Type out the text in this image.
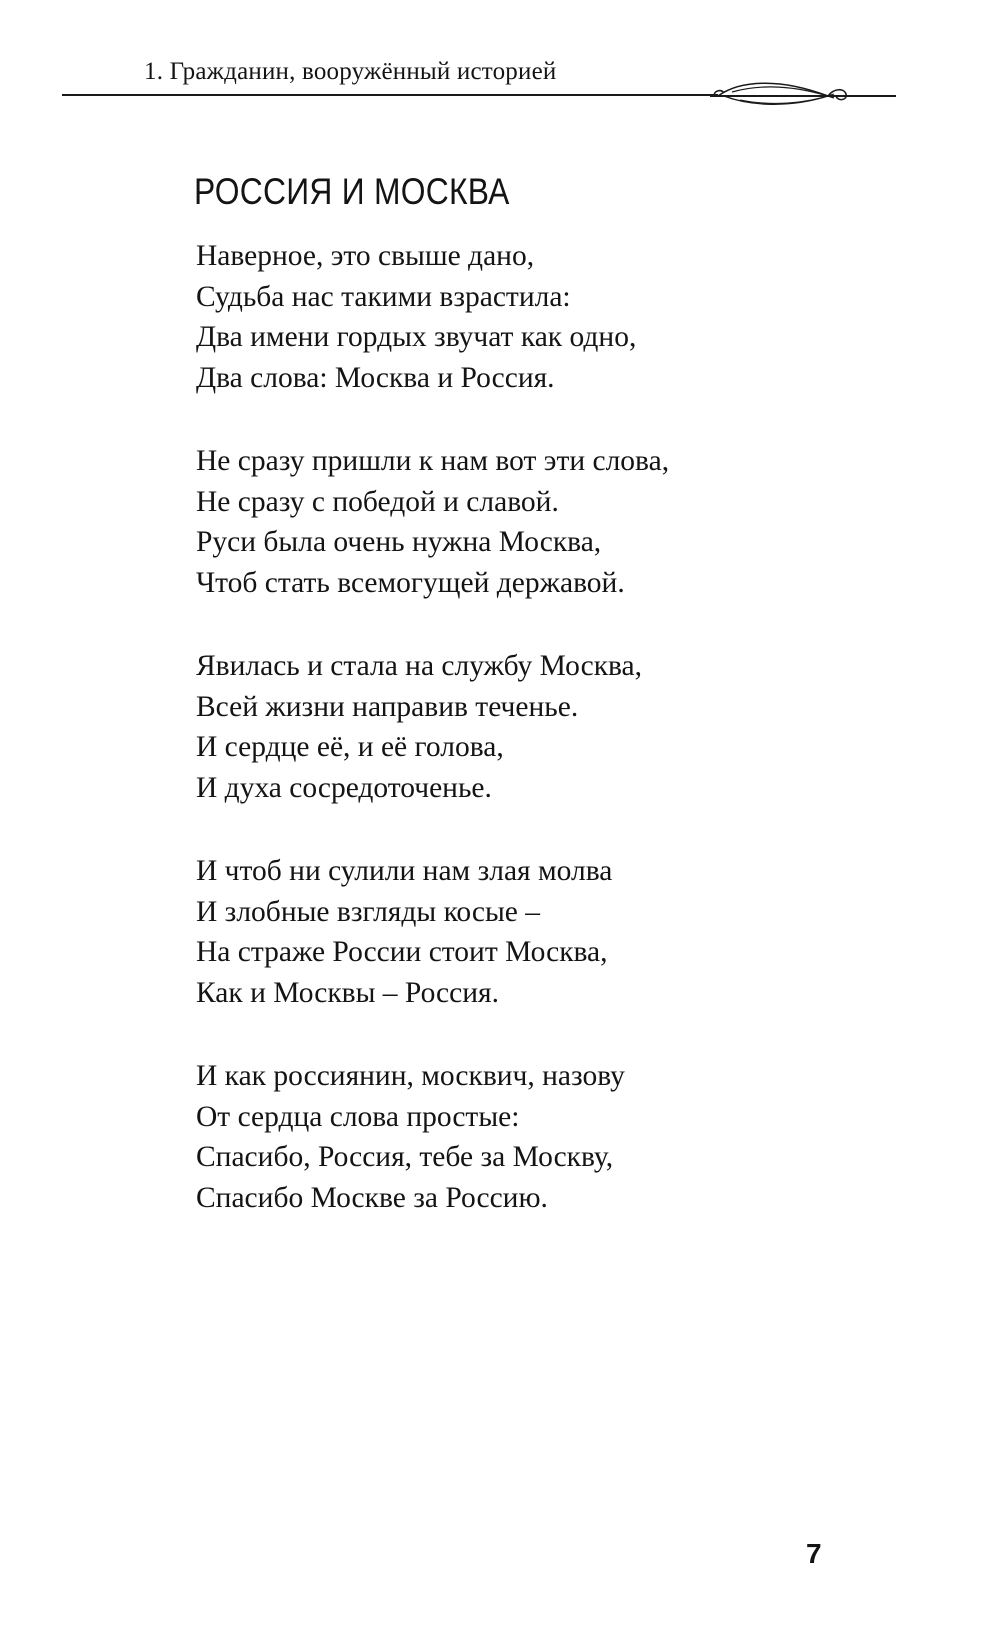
1. Гражданин, вооружённый историей
РОССИЯ И МОСКВА
Наверное, это свыше дано,
Судьба нас такими взрастила:
Два имени гордых звучат как одно,
Два слова: Москва и Россия.
Не сразу пришли к нам вот эти слова,
Не сразу с победой и славой.
Руси была очень нужна Москва,
Чтоб стать всемогущей державой.
Явилась и стала на службу Москва,
Всей жизни направив теченье.
И сердце её, и её голова,
И духа сосредоточенье.
И чтоб ни сулили нам злая молва
И злобные взгляды косые –
На страже России стоит Москва,
Как и Москвы – Россия.
И как россиянин, москвич, назову
От сердца слова простые:
Спасибо, Россия, тебе за Москву,
Спасибо Москве за Россию.
7
